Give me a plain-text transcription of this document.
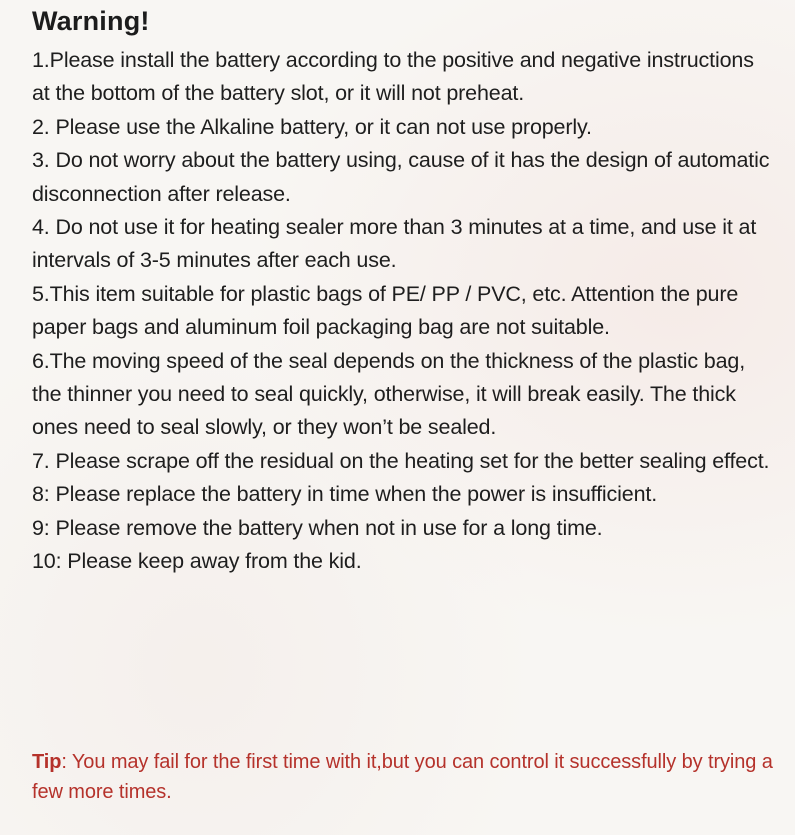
Warning!
1.Please install the battery according to the positive and negative instructions at the bottom of the battery slot, or it will not preheat.
2. Please use the Alkaline battery, or it can not use properly.
3. Do not worry about the battery using, cause of it has the design of automatic disconnection after release.
4. Do not use it for heating sealer more than 3 minutes at a time, and use it at intervals of 3-5 minutes after each use.
5.This item suitable for plastic bags of PE/ PP / PVC, etc. Attention the pure paper bags and aluminum foil packaging bag are not suitable.
6.The moving speed of the seal depends on the thickness of the plastic bag, the thinner you need to seal quickly, otherwise, it will break easily. The thick ones need to seal slowly, or they won’t be sealed.
7. Please scrape off the residual on the heating set for the better sealing effect.
8: Please replace the battery in time when the power is insufficient.
9: Please remove the battery when not in use for a long time.
10: Please keep away from the kid.
Tip: You may fail for the first time with it,but you can control it successfully by trying a few more times.
